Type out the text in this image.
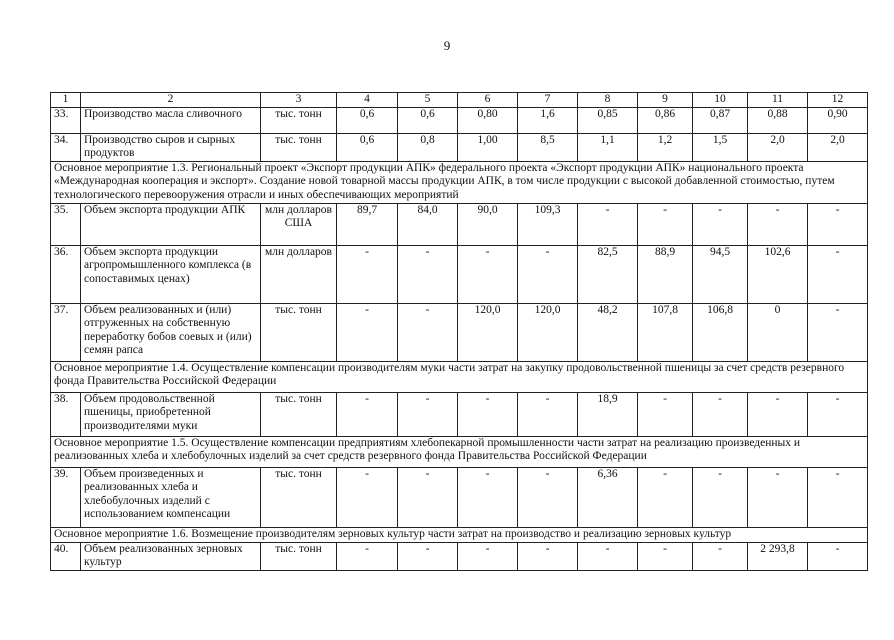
9
1	2	3	4	5	6	7	8	9	10	11	12
33.	Производство масла сливочного	тыс. тонн	0,6	0,6	0,80	1,6	0,85	0,86	0,87	0,88	0,90
34.	Производство сыров и сырных продуктов	тыс. тонн	0,6	0,8	1,00	8,5	1,1	1,2	1,5	2,0	2,0
Основное мероприятие 1.3. Региональный проект «Экспорт продукции АПК» федерального проекта «Экспорт продукции АПК» национального проекта «Международная кооперация и экспорт». Создание новой товарной массы продукции АПК, в том числе продукции с высокой добавленной стоимостью, путем технологического перевооружения отрасли и иных обеспечивающих мероприятий											
35.	Объем экспорта продукции АПК	млн долларов США	89,7	84,0	90,0	109,3	-	-	-	-	-
36.	Объем экспорта продукции агропромышленного комплекса (в сопоставимых ценах)	млн долларов	-	-	-	-	82,5	88,9	94,5	102,6	-
37.	Объем реализованных и (или) отгруженных на собственную переработку бобов соевых и (или) семян рапса	тыс. тонн	-	-	120,0	120,0	48,2	107,8	106,8	0	-
Основное мероприятие 1.4. Осуществление компенсации производителям муки части затрат на закупку продовольственной пшеницы за счет средств резервного фонда Правительства Российской Федерации											
38.	Объем продовольственной пшеницы, приобретенной производителями муки	тыс. тонн	-	-	-	-	18,9	-	-	-	-
Основное мероприятие 1.5. Осуществление компенсации предприятиям хлебопекарной промышленности части затрат на реализацию произведенных и реализованных хлеба и хлебобулочных изделий за счет средств резервного фонда Правительства Российской Федерации											
39.	Объем произведенных и реализованных хлеба и хлебобулочных изделий с использованием компенсации	тыс. тонн	-	-	-	-	6,36	-	-	-	-
Основное мероприятие 1.6. Возмещение производителям зерновых культур части затрат на производство и реализацию зерновых культур											
40.	Объем реализованных зерновых культур	тыс. тонн	-	-	-	-	-	-	-	2 293,8	-
